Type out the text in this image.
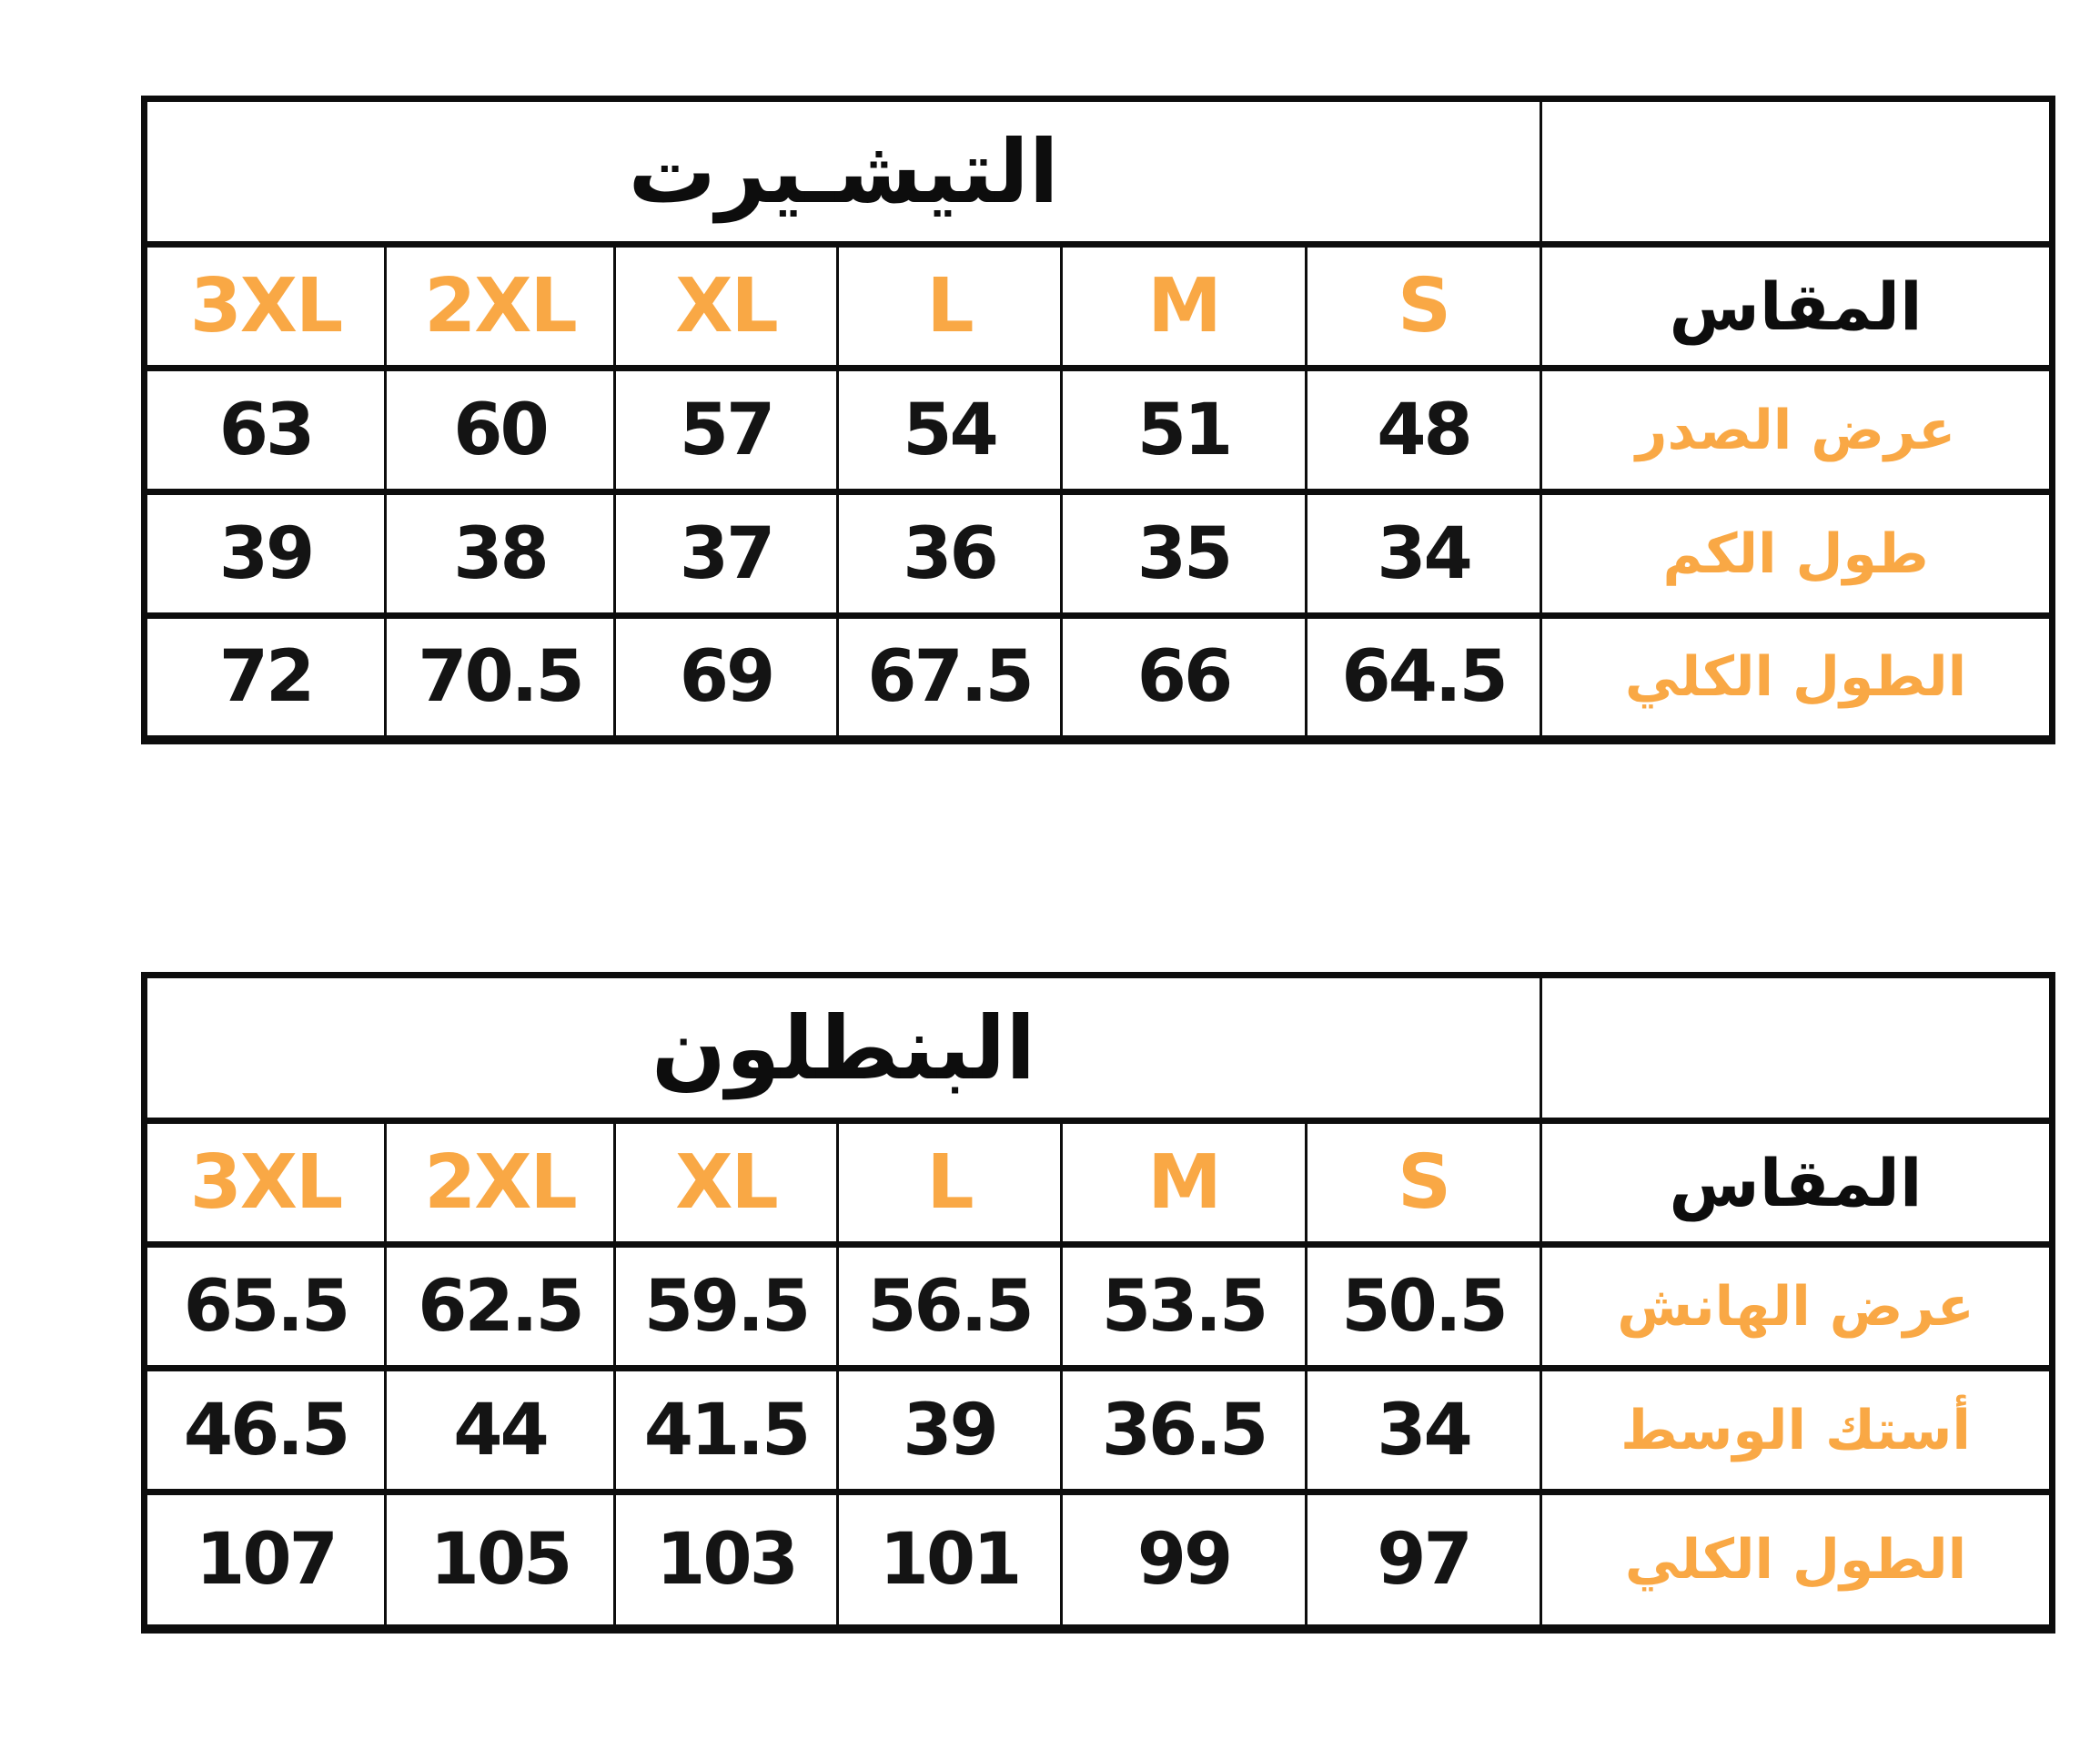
التيشـيرت						
3XL	2XL	XL	L	M	S	المقاس
63	60	57	54	51	48	عرض الصدر
39	38	37	36	35	34	طول الكم
72	70.5	69	67.5	66	64.5	الطول الكلي
البنطلون						
3XL	2XL	XL	L	M	S	المقاس
65.5	62.5	59.5	56.5	53.5	50.5	عرض الهانش
46.5	44	41.5	39	36.5	34	أستك الوسط
107	105	103	101	99	97	الطول الكلي
